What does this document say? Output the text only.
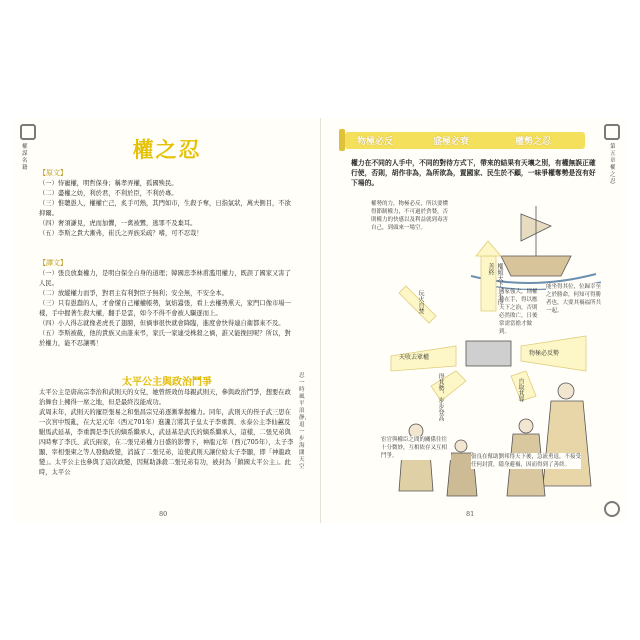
權謀名籍
忍一時風平浪靜，退一步海闊天空
權之忍

【原文】

（一）恃寵權，明哲保身；稱孝弄權，孤國殃民。

（二）盡權之妨，利於君，不利於臣，不利於專。

（三）惟聰愚人，權權亡己，炙手可熱，其門如市，生殺予奪，日指氣狀，萬夫側目，不欲抑爾。

（四）奢須謙見，虎而加懼，一禽被鸞，逃罪不及棄耳。

（五）李斯之貴大漸弗，崔氏之弄族采疏？嗜，可不忍哉！

【譯文】

（一）張良放棄權力，是明白保全自身的道理；韓國忠李林甫濫用權力，既誤了國家又害了人民。

（二）放縱權力而爭，對君主有利對臣子無利；安全無，不安全本。

（三）只有愚蠢的人，才會懂自己權權帳勢，氣焰囂張，看上去權勢熏天，家門口像市場一樣，手中握著生殺大權，翻手是雲，如今不得不會被人驅逐而上。

（四）小人得志就像老虎長了翅膀，但禍事很快就會降臨，進度會快得連自衛都來不及。

（五）李斯被截，他的貴族又由誰來弔，家氏一家連受株殺之禍，誰又能挽回呢？所以，對於權力，能不忍讓嗎！

太平公主與政治鬥爭

太平公主是唐高宗李治和武則天的女兒，她曾經效仿母親武則天，參與政治鬥爭，想要在政治舞台上擁得一席之地，但是最終沒能成功。

武周末年，武則天的寵臣張易之和張昌宗兄弟逐漸掌握權力。同年，武則天的侄子武三思在一次宮中叛亂，在大足元年（西元701年）進讒言將其子皇太子李重潤、永泰公主李仙蕙及駙馬武延基，李重潤是李氏的嫡系繼承人，武延基是武氏的嫡系繼承人，這樣，二張兄弟與四時奪了李氏、武氏兩家，在二張兄弟權力日盛的影響下，神龍元年（西元705年），太子李顯、宰相張柬之等人發動政變，消滅了二張兄弟，迫使武則天讓位給太子李顯，即「神龍政變」。太平公主也參與了這次政變，因幫助誅殺二張兄弟有功，被封為「鎮國太平公主」。此時，太平公

80
第五章 權之忍
物極必反	盛極必衰	權勢之忍

權力在不同的人手中，不同的對待方式下，帶來的結果有天壤之別，有權無誤正確行使，否則，胡作非為，為所欲為，置國家、民生於不顧，一味爭權奪勢是沒有好下場的。

權勢的力，物極必反，所以要懂得節制權力，不可過於貪婪，否則權力的快感以及利益就到毒害自己，到頭來一場空。

能坐得其位，位歸幸至之於勝命，何知可得勝者也，大要其禍福所共一起。

宦官與權臣之間的關係往往十分微妙，互相依存又互相鬥爭。	張良在幫助劉邦得天下後，急流勇退，不接受任何封賞，隱身避禍，因而得到了善終。

國家強大，則權勢在手，得以應天下之治，否則必然敗亡，日後常需當擔才做到。

玩火自焚	權傾天下，不得善終
天收去眾權
物極必反勢
得其勢，步步登高	自取其辱
81
